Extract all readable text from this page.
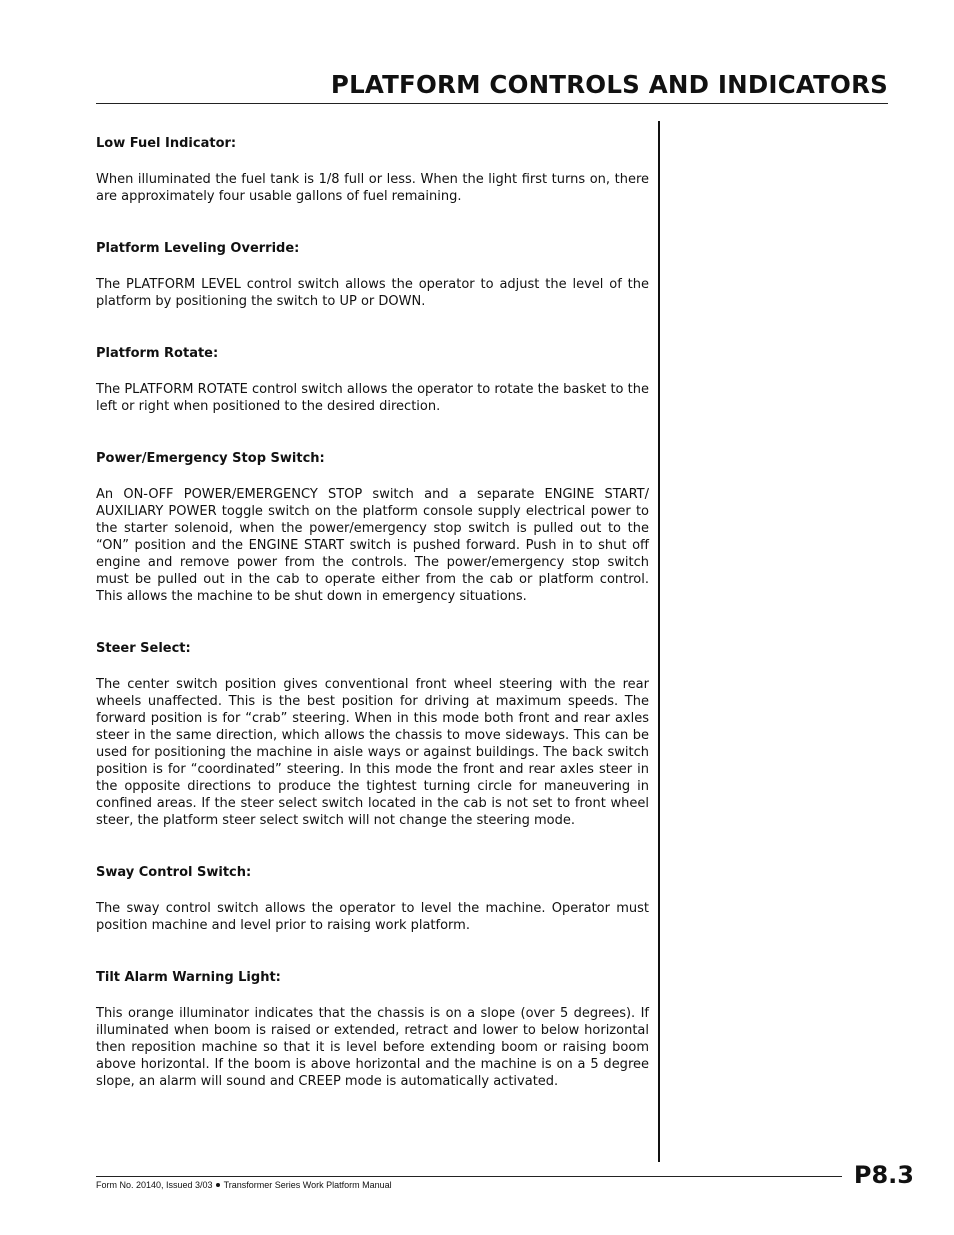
PLATFORM CONTROLS AND INDICATORS
Low Fuel Indicator:

When illuminated the fuel tank is 1/8 full or less. When the light first turns on, there are approximately four usable gallons of fuel remaining.

Platform Leveling Override:

The PLATFORM LEVEL control switch allows the operator to adjust the level of the platform by positioning the switch to UP or DOWN.

Platform Rotate:

The PLATFORM ROTATE control switch allows the operator to rotate the basket to the left or right when positioned to the desired direction.

Power/Emergency Stop Switch:

An ON-OFF POWER/EMERGENCY STOP switch and a separate ENGINE START/ AUXILIARY POWER toggle switch on the platform console supply electrical power to the starter solenoid, when the power/emergency stop switch is pulled out to the “ON” position and the ENGINE START switch is pushed forward. Push in to shut off engine and remove power from the controls. The power/emergency stop switch must be pulled out in the cab to operate either from the cab or platform control. This allows the machine to be shut down in emergency situations.

Steer Select:

The center switch position gives conventional front wheel steering with the rear wheels unaffected. This is the best position for driving at maximum speeds. The forward position is for “crab” steering. When in this mode both front and rear axles steer in the same direction, which allows the chassis to move sideways. This can be used for positioning the machine in aisle ways or against buildings. The back switch position is for “coordinated” steering. In this mode the front and rear axles steer in the opposite directions to produce the tightest turning circle for maneuvering in confined areas. If the steer select switch located in the cab is not set to front wheel steer, the platform steer select switch will not change the steering mode.

Sway Control Switch:

The sway control switch allows the operator to level the machine. Operator must position machine and level prior to raising work platform.

Tilt Alarm Warning Light:

This orange illuminator indicates that the chassis is on a slope (over 5 degrees). If illuminated when boom is raised or extended, retract and lower to below horizontal then reposition machine so that it is level before extending boom or raising boom above horizontal. If the boom is above horizontal and the machine is on a 5 degree slope, an alarm will sound and CREEP mode is automatically activated.

Form No. 20140, Issued 3/03 Transformer Series Work Platform Manual	P8.3
